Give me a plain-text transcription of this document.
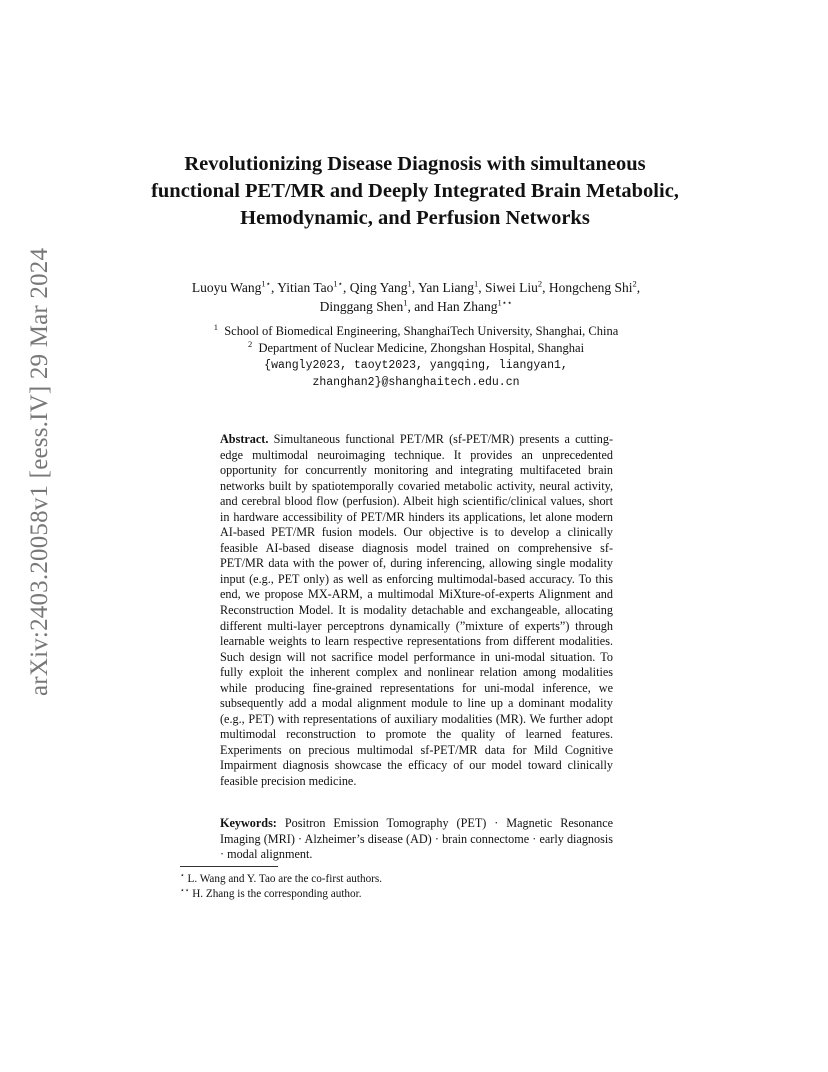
arXiv:2403.20058v1 [eess.IV] 29 Mar 2024
Revolutionizing Disease Diagnosis with simultaneous functional PET/MR and Deeply Integrated Brain Metabolic, Hemodynamic, and Perfusion Networks
Luoyu Wang$^{1⋆}$, Yitian Tao$^{1⋆}$, Qing Yang$^1$, Yan Liang$^1$, Siwei Liu$^2$, Hongcheng Shi$^2$, Dinggang Shen$^1$, and Han Zhang$^{1⋆⋆}$
$^1$ School of Biomedical Engineering, ShanghaiTech University, Shanghai, China
$^2$ Department of Nuclear Medicine, Zhongshan Hospital, Shanghai
{wangly2023, taoyt2023, yangqing, liangyan1,
zhanghan2}@shanghaitech.edu.cn
Abstract. Simultaneous functional PET/MR (sf-PET/MR) presents a cutting-edge multimodal neuroimaging technique. It provides an unprecedented opportunity for concurrently monitoring and integrating multifaceted brain networks built by spatiotemporally covaried metabolic activity, neural activity, and cerebral blood flow (perfusion). Albeit high scientific/clinical values, short in hardware accessibility of PET/MR hinders its applications, let alone modern AI-based PET/MR fusion models. Our objective is to develop a clinically feasible AI-based disease diagnosis model trained on comprehensive sf-PET/MR data with the power of, during inferencing, allowing single modality input (e.g., PET only) as well as enforcing multimodal-based accuracy. To this end, we propose MX-ARM, a multimodal MiXture-of-experts Alignment and Reconstruction Model. It is modality detachable and exchangeable, allocating different multi-layer perceptrons dynamically (”mixture of experts”) through learnable weights to learn respective representations from different modalities. Such design will not sacrifice model performance in uni-modal situation. To fully exploit the inherent complex and nonlinear relation among modalities while producing fine-grained representations for uni-modal inference, we subsequently add a modal alignment module to line up a dominant modality (e.g., PET) with representations of auxiliary modalities (MR). We further adopt multimodal reconstruction to promote the quality of learned features. Experiments on precious multimodal sf-PET/MR data for Mild Cognitive Impairment diagnosis showcase the efficacy of our model toward clinically feasible precision medicine.
Keywords: Positron Emission Tomography (PET) · Magnetic Resonance Imaging (MRI) · Alzheimer’s disease (AD) · brain connectome · early diagnosis · modal alignment.
⋆ L. Wang and Y. Tao are the co-first authors.
⋆⋆ H. Zhang is the corresponding author.
